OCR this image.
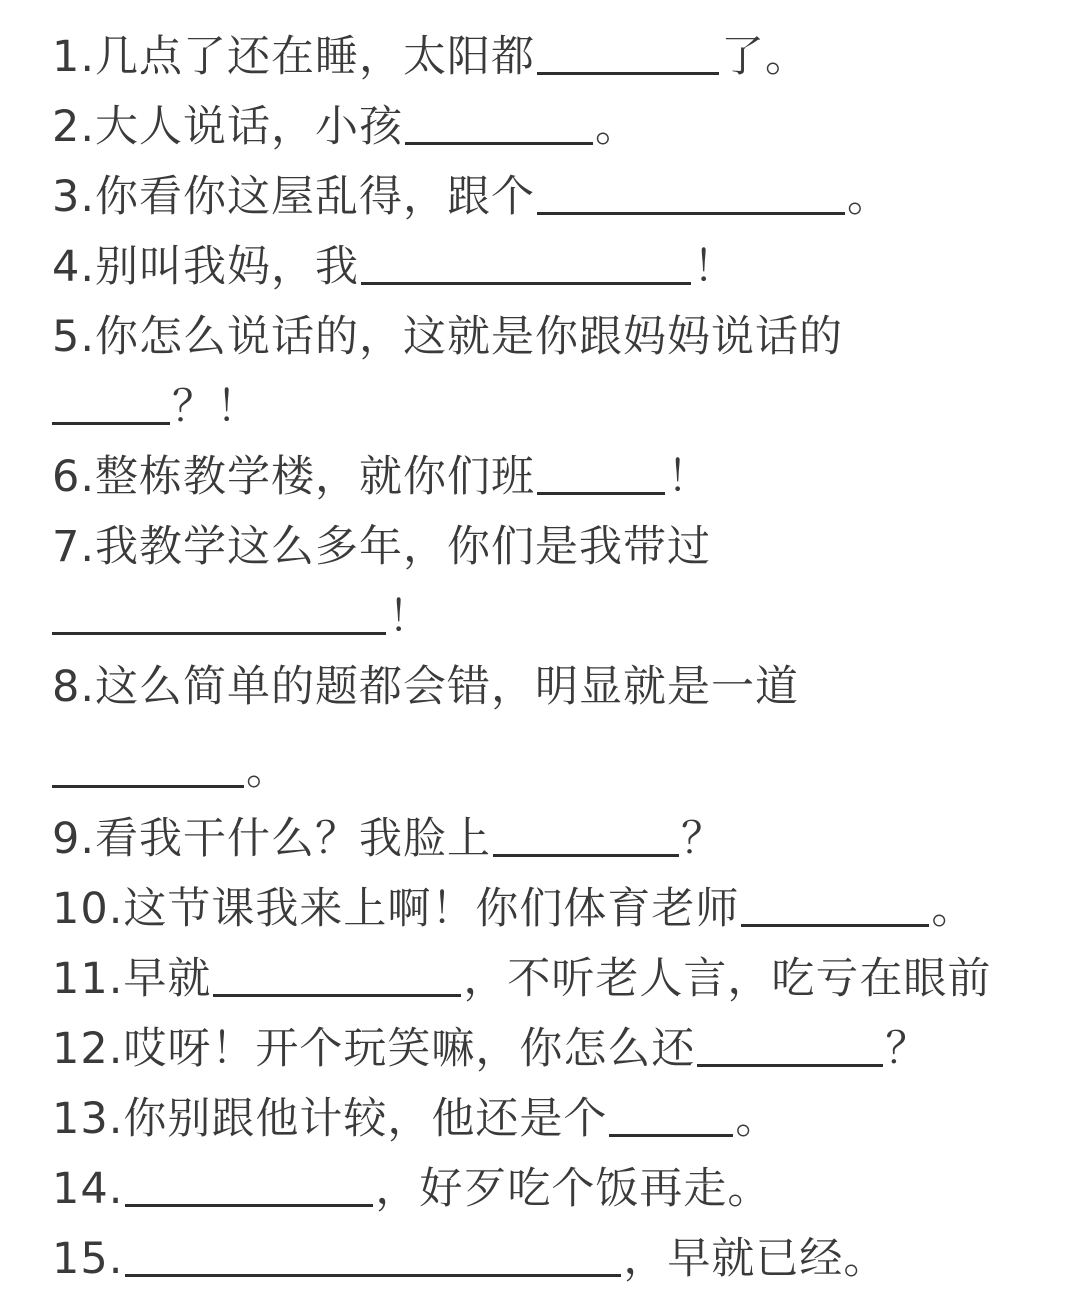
1.几点了还在睡，太阳都	了。
2.大人说话，小孩	。
3.你看你这屋乱得，跟个	。
4.别叫我妈，我	！
5.你怎么说话的，这就是你跟妈妈说话的
？！
6.整栋教学楼，就你们班	！
7.我教学这么多年，你们是我带过
！
8.这么简单的题都会错，明显就是一道
。
9.看我干什么？我脸上	？
10.这节课我来上啊！你们体育老师	。
11.早就	，不听老人言，吃亏在眼前
12.哎呀！开个玩笑嘛，你怎么还	？
13.你别跟他计较，他还是个	。
14.	，好歹吃个饭再走。
15.	，早就已经。
